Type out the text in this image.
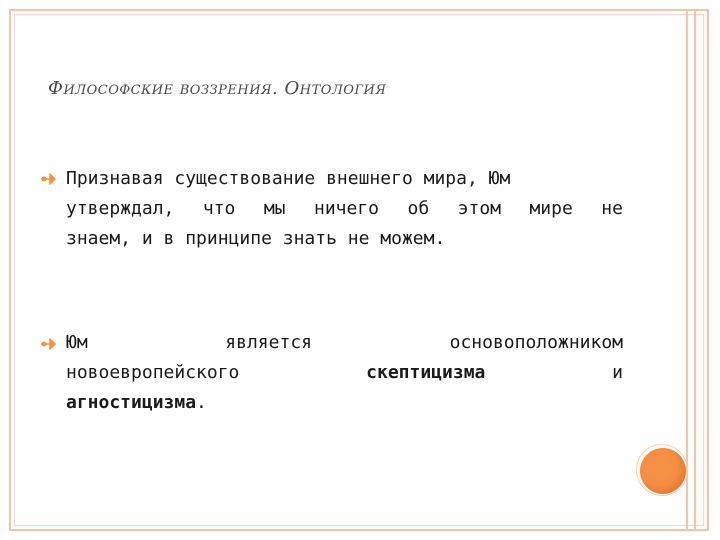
Философские воззрения. Онтология
Признавая существование внешнего мира, Юм
утверждал, что мы ничего об этом мире не
знаем, и в принципе знать не можем.
Юм	является	основоположником
новоевропейского	скептицизма	и
агностицизма .
